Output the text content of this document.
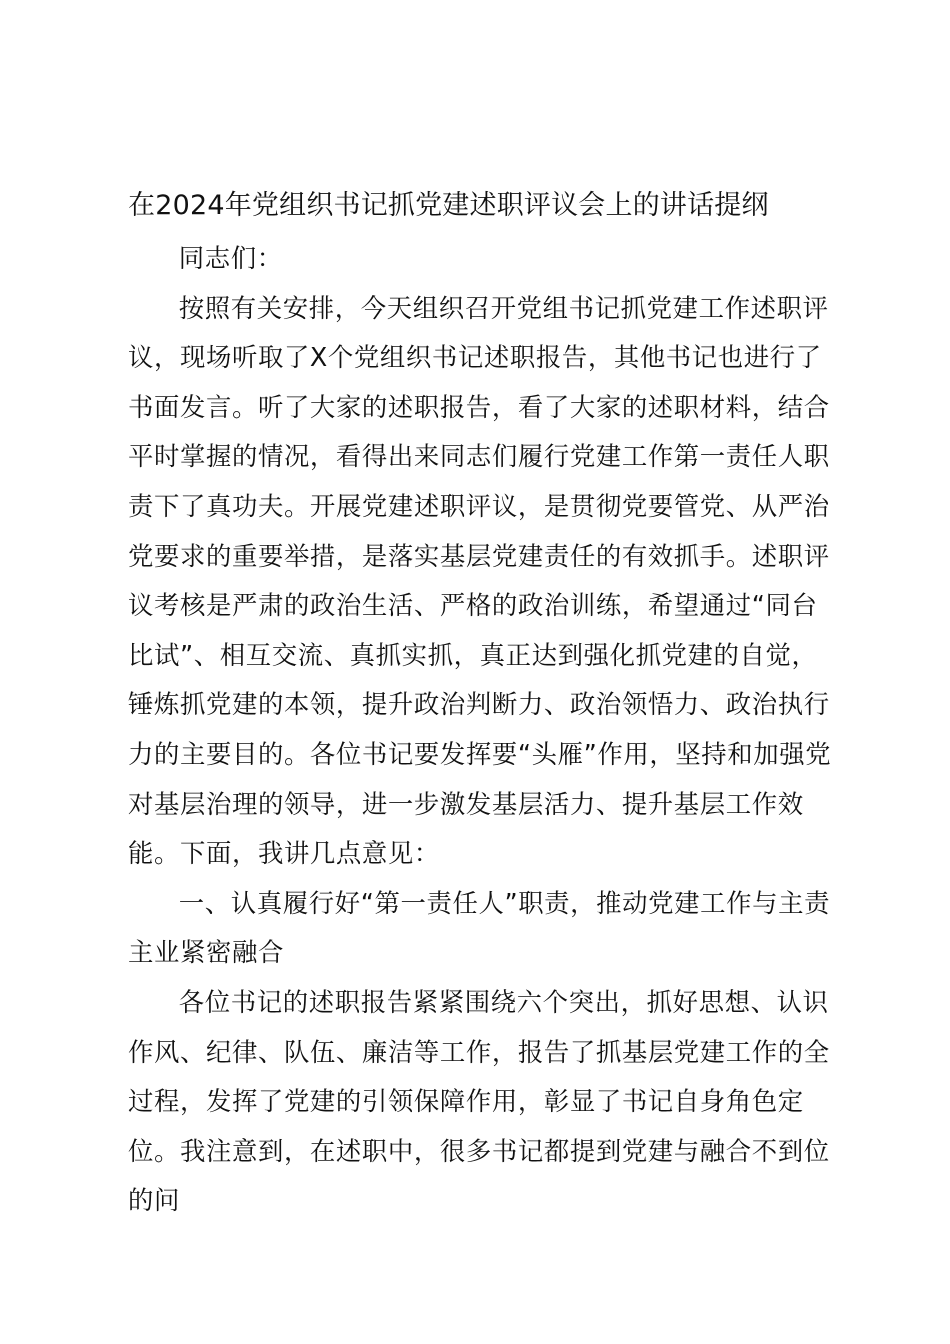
在2024年党组织书记抓党建述职评议会上的讲话提纲

同志们：

按照有关安排，今天组织召开党组书记抓党建工作述职评议，现场听取了X个党组织书记述职报告，其他书记也进行了书面发言。听了大家的述职报告，看了大家的述职材料，结合平时掌握的情况，看得出来同志们履行党建工作第一责任人职责下了真功夫。开展党建述职评议，是贯彻党要管党、从严治党要求的重要举措，是落实基层党建责任的有效抓手。述职评议考核是严肃的政治生活、严格的政治训练，希望通过“同台比试”、相互交流、真抓实抓，真正达到强化抓党建的自觉，锤炼抓党建的本领，提升政治判断力、政治领悟力、政治执行力的主要目的。各位书记要发挥要“头雁”作用，坚持和加强党对基层治理的领导，进一步激发基层活力、提升基层工作效能。下面，我讲几点意见：

一、认真履行好“第一责任人”职责，推动党建工作与主责主业紧密融合

各位书记的述职报告紧紧围绕六个突出，抓好思想、认识作风、纪律、队伍、廉洁等工作，报告了抓基层党建工作的全过程，发挥了党建的引领保障作用，彰显了书记自身角色定位。我注意到，在述职中，很多书记都提到党建与融合不到位的问
